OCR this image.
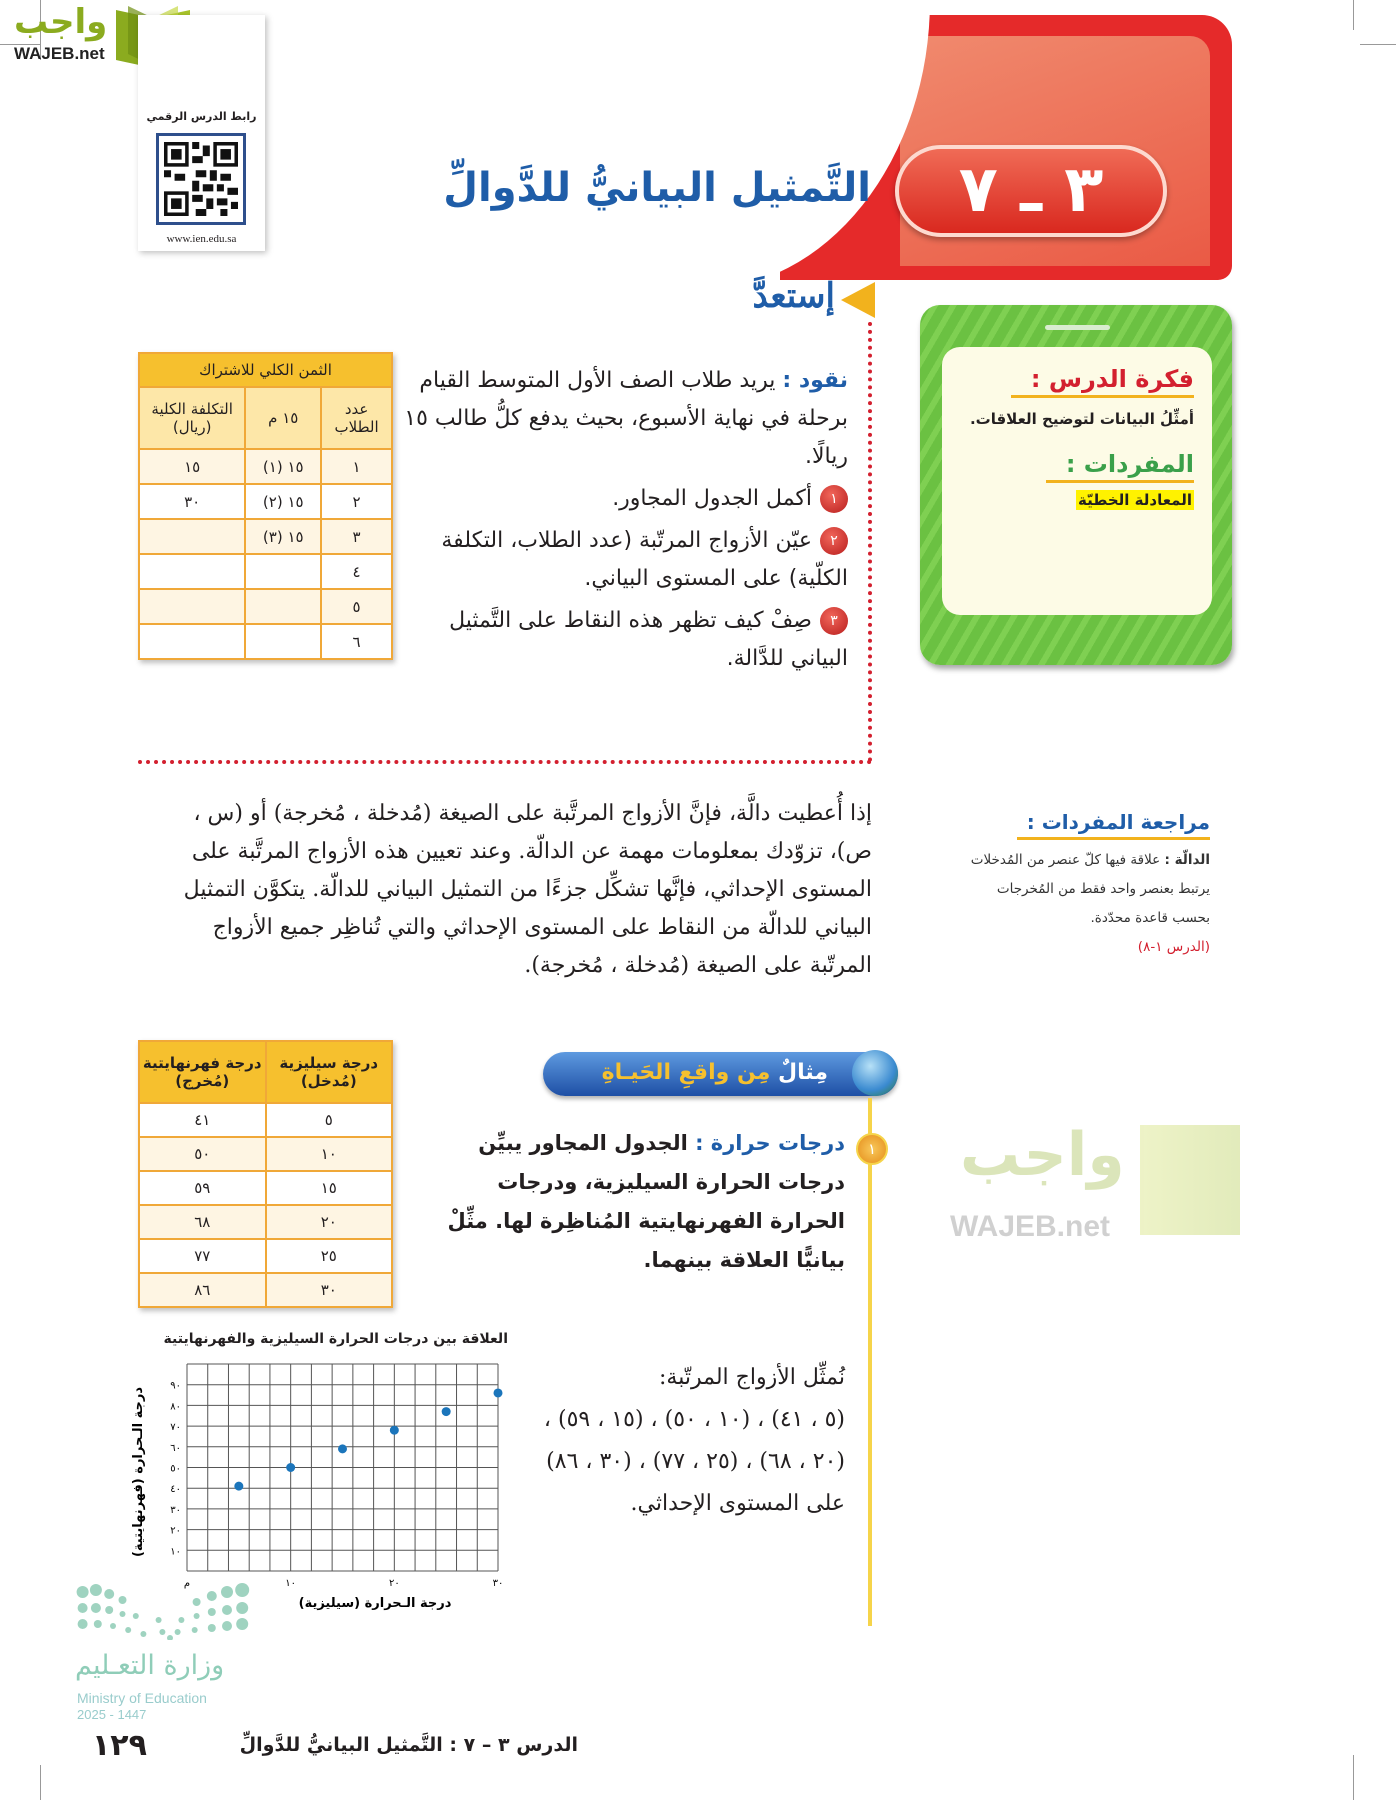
واجب
WAJEB.net
رابط الدرس الرقمي
www.ien.edu.sa
٣ ـ ٧
التَّمثيل البيانيُّ للدَّوالِّ
إستعدَّ
نقود : يريد طلاب الصف الأول المتوسط القيام برحلة في نهاية الأسبوع، بحيث يدفع كلُّ طالب ١٥ ريالًا.
١أكمل الجدول المجاور.
٢عيّن الأزواج المرتّبة (عدد الطلاب، التكلفة الكلّية) على المستوى البياني.
٣صِفْ كيف تظهر هذه النقاط على التَّمثيل البياني للدَّالة.
الثمن الكلي للاشتراك		
عدد الطلاب	١٥ م	التكلفة الكلية (ريال)
١	١٥ (١)	١٥
٢	١٥ (٢)	٣٠
٣	١٥ (٣)	
٤		
٥		
٦		
فكرة الدرس :
أمثِّلُ البيانات لتوضيح العلاقات.
المفردات :
المعادلة الخطيّة
واجب
WAJEB.net
مراجعة المفردات :
الدالّة : علاقة فيها كلّ عنصر من المُدخلات يرتبط بعنصر واحد فقط من المُخرجات بحسب قاعدة محدّدة.
(الدرس ١-٨)
إذا أُعطيت دالَّة، فإنَّ الأزواج المرتَّبة على الصيغة (مُدخلة ، مُخرجة) أو (س ، ص)، تزوّدك بمعلومات مهمة عن الدالّة. وعند تعيين هذه الأزواج المرتَّبة على المستوى الإحداثي، فإنَّها تشكِّل جزءًا من التمثيل البياني للدالّة. يتكوَّن التمثيل البياني للدالّة من النقاط على المستوى الإحداثي والتي تُناظِر جميع الأزواج المرتّبة على الصيغة (مُدخلة ، مُخرجة).
مِثالٌ مِن واقعِ الحَيـاةِ
١
درجات حرارة : الجدول المجاور يبيِّن درجات الحرارة السيليزية، ودرجات الحرارة الفهرنهايتية المُناظِرة لها. مثِّلْ بيانيًّا العلاقة بينهما.
درجة سيليزية (مُدخل)	درجة فهرنهايتية (مُخرج)
٥	٤١
١٠	٥٠
١٥	٥٩
٢٠	٦٨
٢٥	٧٧
٣٠	٨٦
نُمثِّل الأزواج المرتّبة:
(٥ ، ٤١) ، (١٠ ، ٥٠) ، (١٥ ، ٥٩) ،
(٢٠ ، ٦٨) ، (٢٥ ، ٧٧) ، (٣٠ ، ٨٦)
على المستوى الإحداثي.
العلاقة بين درجات الحرارة السيليزية والفهرنهايتية
م	١٠	٢٠	٣٠
١٠
٢٠
٣٠
٤٠
٥٠
٦٠
٧٠
٨٠
٩٠
درجة الـحرارة (سيليزية)
درجة الـحرارة (فهرنهايتية)
وزارة التعـليم
Ministry of Education
2025 - 1447
١٢٩	الدرس ٣ – ٧ : التَّمثيل البيانيُّ للدَّوالِّ
